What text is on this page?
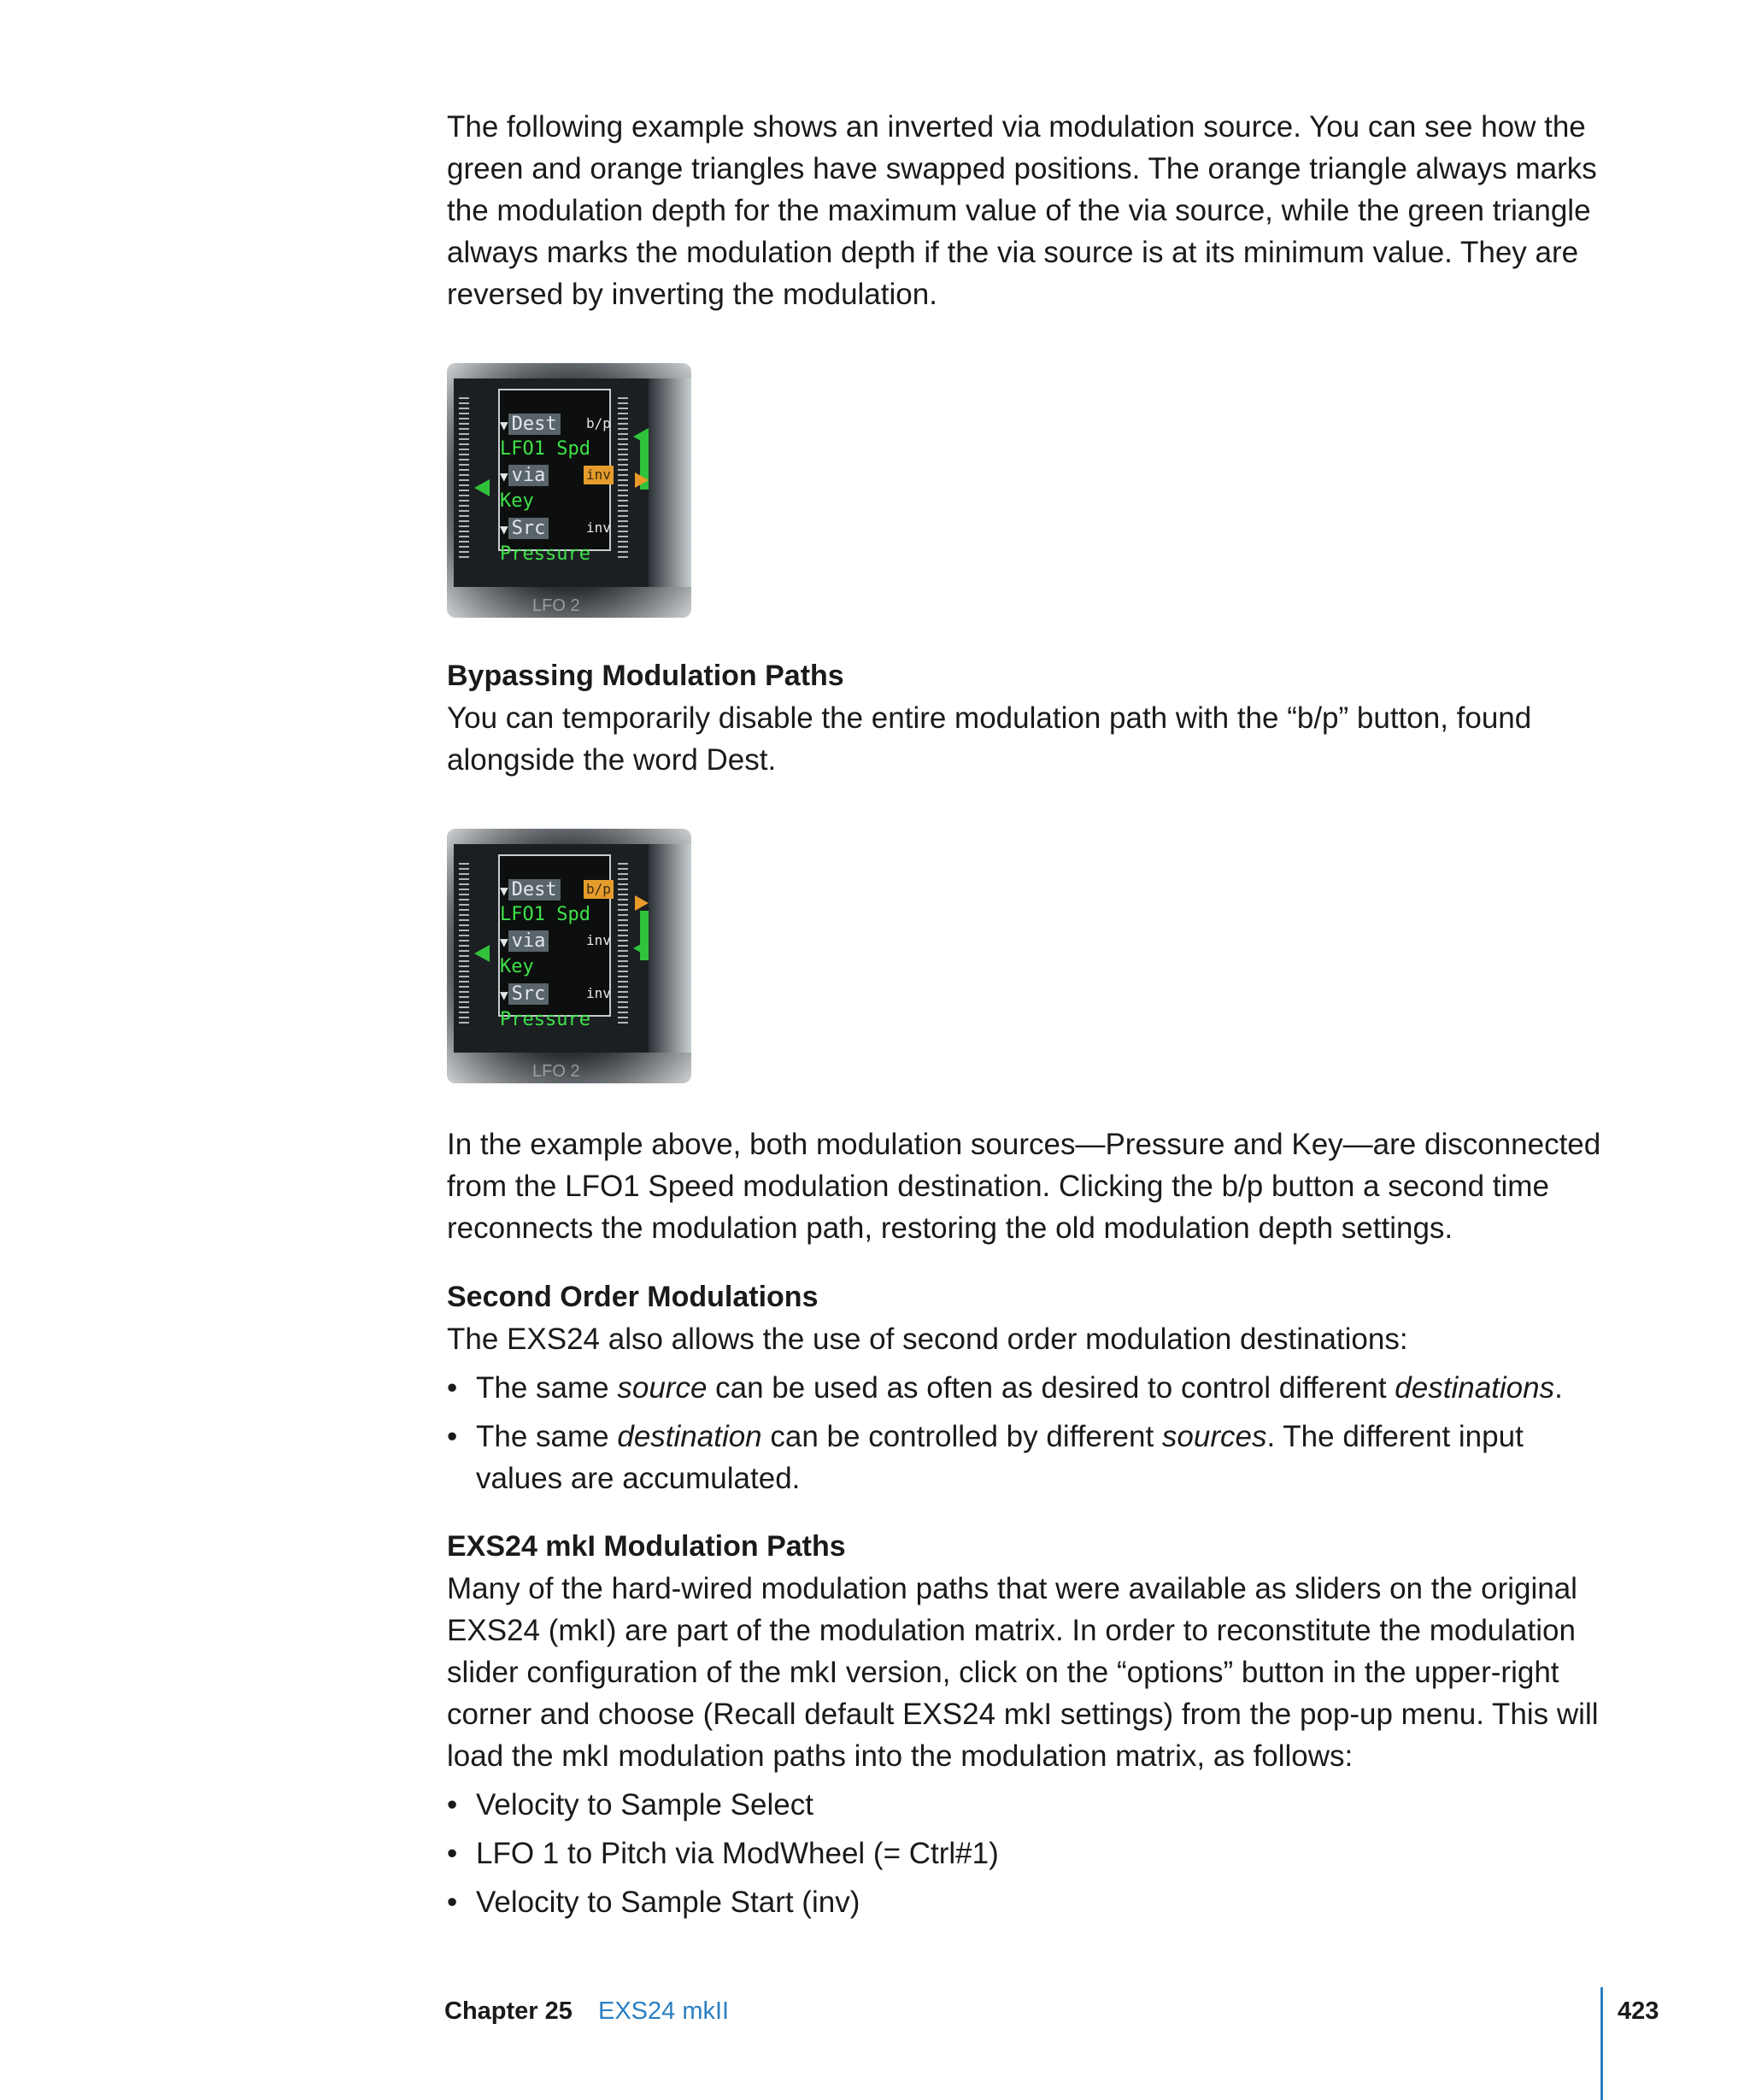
The following example shows an inverted via modulation source. You can see how the green and orange triangles have swapped positions. The orange triangle always marks the modulation depth for the maximum value of the via source, while the green triangle always marks the modulation depth if the via source is at its minimum value. They are reversed by inverting the modulation.

▼ Dest b/p
LFO1 Spd
▼ via	inv
Key
▼ Src	inv
Pressure
LFO 2
Bypassing Modulation Paths

You can temporarily disable the entire modulation path with the “b/p” button, found alongside the word Dest.

▼ Dest b/p
LFO1 Spd
▼ via	inv
Key
▼ Src	inv
Pressure
LFO 2

In the example above, both modulation sources—Pressure and Key—are disconnected from the LFO1 Speed modulation destination. Clicking the b/p button a second time reconnects the modulation path, restoring the old modulation depth settings.

Second Order Modulations

The EXS24 also allows the use of second order modulation destinations:

• The same source can be used as often as desired to control different destinations.
• The same destination can be controlled by different sources. The different input values are accumulated.
EXS24 mkI Modulation Paths

Many of the hard-wired modulation paths that were available as sliders on the original EXS24 (mkI) are part of the modulation matrix. In order to reconstitute the modulation slider configuration of the mkI version, click on the “options” button in the upper-right corner and choose (Recall default EXS24 mkI settings) from the pop-up menu. This will load the mkI modulation paths into the modulation matrix, as follows:

• Velocity to Sample Select
• LFO 1 to Pitch via ModWheel (= Ctrl#1)
• Velocity to Sample Start (inv)
Chapter 25 EXS24 mkII	423
